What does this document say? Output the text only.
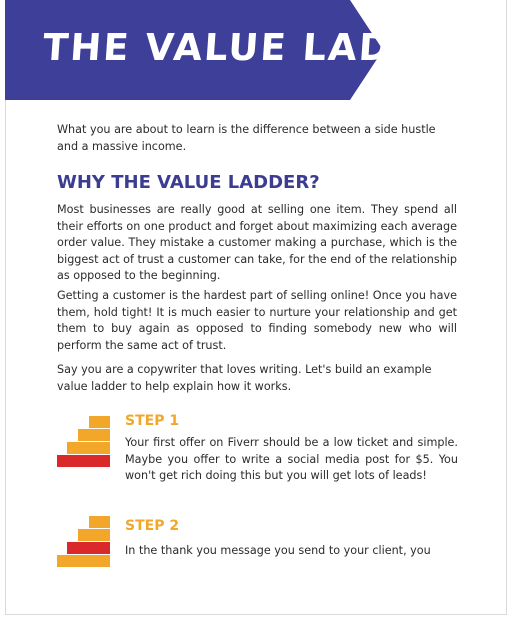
THE VALUE LADDER

What you are about to learn is the difference between a side hustle and a massive income.

WHY THE VALUE LADDER?

Most businesses are really good at selling one item. They spend all their efforts on one product and forget about maximizing each average order value. They mistake a customer making a purchase, which is the biggest act of trust a customer can take, for the end of the relationship as opposed to the beginning.

Getting a customer is the hardest part of selling online! Once you have them, hold tight! It is much easier to nurture your relationship and get them to buy again as opposed to finding somebody new who will perform the same act of trust.

Say you are a copywriter that loves writing. Let's build an example value ladder to help explain how it works.

STEP 1

Your first offer on Fiverr should be a low ticket and simple. Maybe you offer to write a social media post for $5. You won't get rich doing this but you will get lots of leads!

STEP 2

In the thank you message you send to your client, you
